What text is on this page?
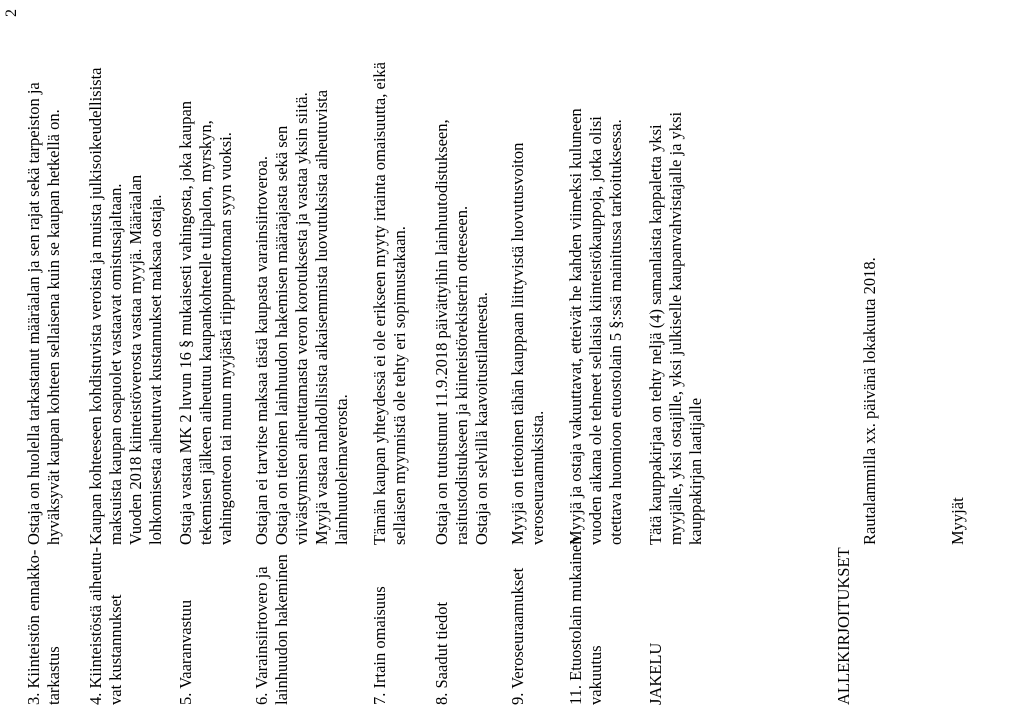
2
3. Kiinteistön ennakko- tarkastus
Ostaja on huolella tarkastanut määräalan ja sen rajat sekä tarpeiston ja hyväksyvät kaupan kohteen sellaisena kuin se kaupan hetkellä on.
4. Kiinteistöstä aiheutu- vat kustannukset
Kaupan kohteeseen kohdistuvista veroista ja muista julkisoikeudellisista maksuista kaupan osapuolet vastaavat omistusajaltaan. Vuoden 2018 kiinteistöverosta vastaa myyjä. Määräalan lohkomisesta aiheutuvat kustannukset maksaa ostaja.
5. Vaaranvastuu
Ostaja vastaa MK 2 luvun 16 § mukaisesti vahingosta, joka kaupan tekemisen jälkeen aiheutuu kaupankohteelle tulipalon, myrskyn, vahingonteon tai muun myyjästä riippumattoman syyn vuoksi.
6. Varainsiirtovero ja lainhuudon hakeminen
Ostajan ei tarvitse maksaa tästä kaupasta varainsiirtoveroa. Ostaja on tietoinen lainhuudon hakemisen määräajasta sekä sen viivästymisen aiheuttamasta veron korotuksesta ja vastaa yksin siitä. Myyjä vastaa mahdollisista aikaisemmista luovutuksista aiheutuvista lainhuutoleimaverosta.
7. Irtain omaisuus
Tämän kaupan yhteydessä ei ole erikseen myyty irtainta omaisuutta, eikä sellaisen myynnistä ole tehty eri sopimustakaan.
8. Saadut tiedot
Ostaja on tutustunut 11.9.2018 päivättyihin lainhuutodistukseen, rasitustodistukseen ja kiinteistörekisterin otteeseen. Ostaja on selvillä kaavoitustilanteesta.
9. Veroseuraamukset
Myyjä on tietoinen tähän kauppaan liittyvistä luovutusvoiton veroseuraamuksista.
11. Etuostolain mukainen vakuutus
Myyjä ja ostaja vakuuttavat, etteivät he kahden viimeksi kuluneen vuoden aikana ole tehneet sellaisia kiinteistökauppoja, jotka olisi otettava huomioon etuostolain 5 §:ssä mainitussa tarkoituksessa.
JAKELU
Tätä kauppakirjaa on tehty neljä (4) samanlaista kappaletta yksi myyjälle, yksi ostajille, yksi julkiselle kaupanvahvistajalle ja yksi kauppakirjan laatijalle
ALLEKIRJOITUKSET
Rautalammilla xx. päivänä lokakuuta 2018.	Myyjät
